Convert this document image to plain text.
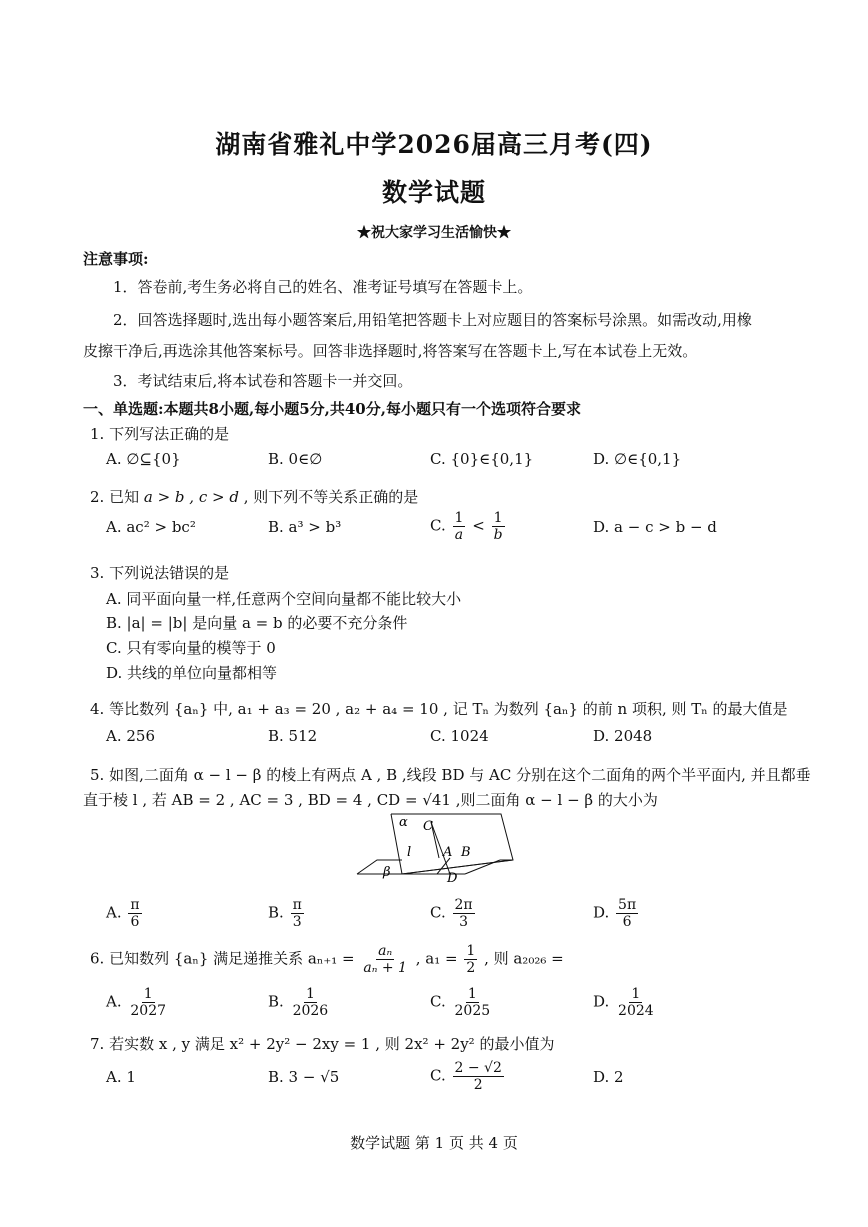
湖南省雅礼中学2026届高三月考(四)
数学试题
★祝大家学习生活愉快★
注意事项:
1．答卷前,考生务必将自己的姓名、准考证号填写在答题卡上。
2．回答选择题时,选出每小题答案后,用铅笔把答题卡上对应题目的答案标号涂黑。如需改动,用橡
皮擦干净后,再选涂其他答案标号。回答非选择题时,将答案写在答题卡上,写在本试卷上无效。
3．考试结束后,将本试卷和答题卡一并交回。
一、单选题:本题共8小题,每小题5分,共40分,每小题只有一个选项符合要求
1. 下列写法正确的是
A. ∅⊆{0}	B. 0∈∅	C. {0}∈{0,1}	D. ∅∈{0,1}
2. 已知 a > b , c > d , 则下列不等关系正确的是
A. ac² > bc²	B. a³ > b³	C. $\frac{1}{a} < \frac{1}{b}$	D. a − c > b − d
3. 下列说法错误的是
A. 同平面向量一样,任意两个空间向量都不能比较大小
B. |a| = |b| 是向量 a = b 的必要不充分条件
C. 只有零向量的模等于 0
D. 共线的单位向量都相等
4. 等比数列 {aₙ} 中, a₁ + a₃ = 20 , a₂ + a₄ = 10 , 记 Tₙ 为数列 {aₙ} 的前 n 项积, 则 Tₙ 的最大值是
A. 256	B. 512	C. 1024	D. 2048
5. 如图,二面角 α − l − β 的棱上有两点 A , B ,线段 BD 与 AC 分别在这个二面角的两个半平面内, 并且都垂
直于棱 l , 若 AB = 2 , AC = 3 , BD = 4 , CD = √41 ,则二面角 α − l − β 的大小为
α C
l A B
β	D
A. $\frac{\pi}{6}$	B. $\frac{\pi}{3}$	C. $\frac{2\pi}{3}$	D. $\frac{5\pi}{6}$
6. 已知数列 {aₙ} 满足递推关系 $a_{n+1} = \frac{\text{aₙ}}{\text{aₙ + 1}}$ , $a_1 = \frac{1}{2}$ , 则 a₂₀₂₆ =
A. $\frac{1}{2027}$	B. $\frac{1}{2026}$	C. $\frac{1}{2025}$	D. $\frac{1}{2024}$
7. 若实数 x , y 满足 x² + 2y² − 2xy = 1 , 则 2x² + 2y² 的最小值为
A. 1	B. 3 − √5	C. $\frac{2 - √2}{2}$	D. 2
数学试题 第 1 页 共 4 页
